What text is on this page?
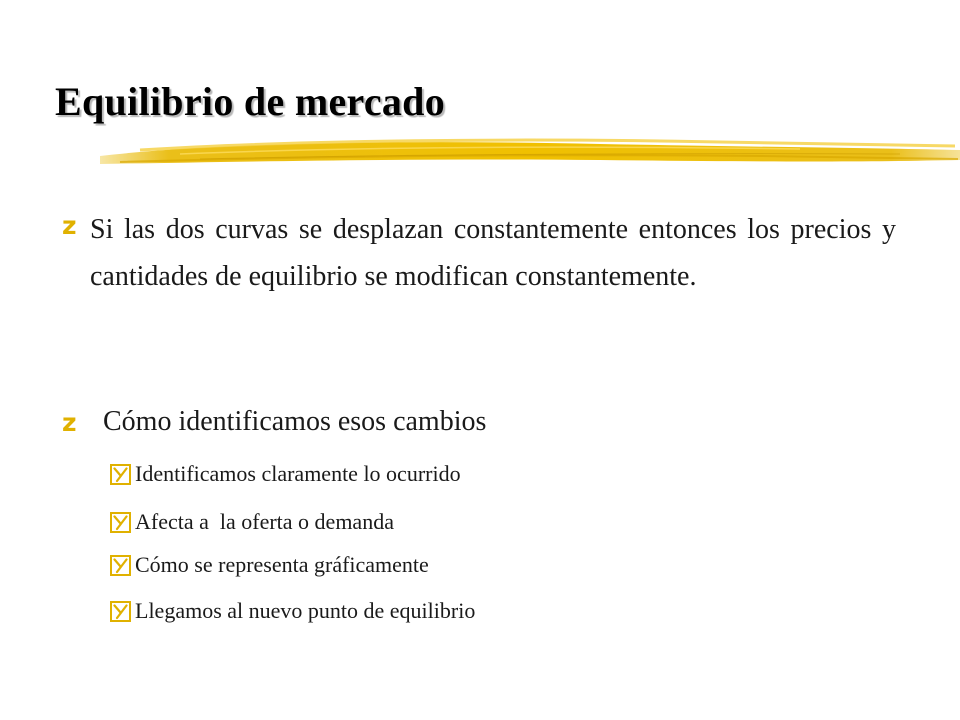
Equilibrio de mercado
z Si las dos curvas se desplazan constantemente entonces los precios y cantidades de equilibrio se modifican constantemente.

z Cómo identificamos esos cambios

Identificamos claramente lo ocurrido
Afecta a  la oferta o demanda
Cómo se representa gráficamente
Llegamos al nuevo punto de equilibrio
